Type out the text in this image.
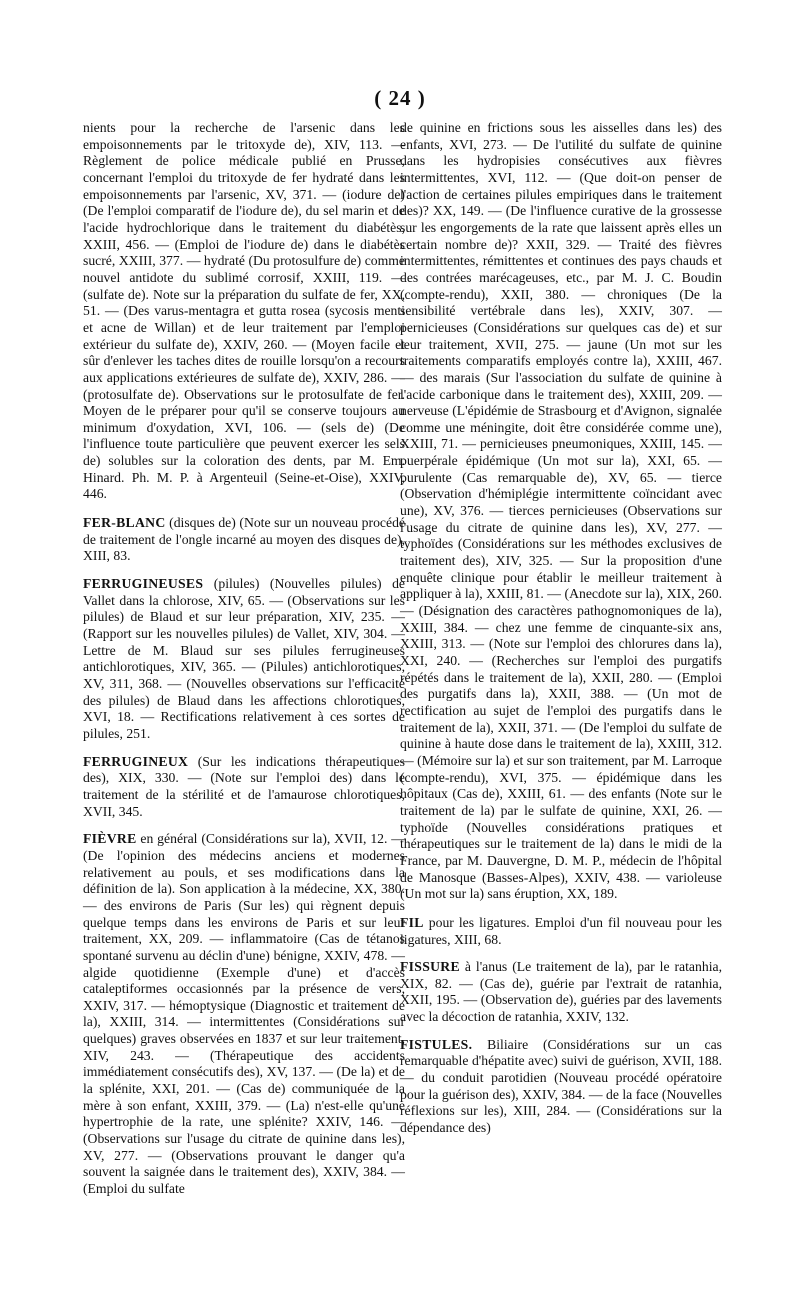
( 24 )

nients pour la recherche de l'arsenic dans les empoisonnements par le tritoxyde de), XIV, 113. — Règlement de police médicale publié en Prusse, concernant l'emploi du tritoxyde de fer hydraté dans les empoisonnements par l'arsenic, XV, 371. — (iodure de) (De l'emploi comparatif de l'iodure de), du sel marin et de l'acide hydrochlorique dans le traitement du diabétès, XXIII, 456. — (Emploi de l'iodure de) dans le diabétès sucré, XXIII, 377. — hydraté (Du protosulfure de) comme nouvel antidote du sublimé corrosif, XXIII, 119. — (sulfate de). Note sur la préparation du sulfate de fer, XX, 51. — (Des varus-mentagra et gutta rosea (sycosis menti et acne de Willan) et de leur traitement par l'emploi extérieur du sulfate de), XXIV, 260. — (Moyen facile et sûr d'enlever les taches dites de rouille lorsqu'on a recours aux applications extérieures de sulfate de), XXIV, 286. — (protosulfate de). Observations sur le protosulfate de fer. Moyen de le préparer pour qu'il se conserve toujours au minimum d'oxydation, XVI, 106. — (sels de) (De l'influence toute particulière que peuvent exercer les sels de) solubles sur la coloration des dents, par M. Em. Hinard. Ph. M. P. à Argenteuil (Seine-et-Oise), XXIV, 446.

FER-BLANC (disques de) (Note sur un nouveau procédé de traitement de l'ongle incarné au moyen des disques de), XIII, 83.

FERRUGINEUSES (pilules) (Nouvelles pilules) de Vallet dans la chlorose, XIV, 65. — (Observations sur les pilules) de Blaud et sur leur préparation, XIV, 235. — (Rapport sur les nouvelles pilules) de Vallet, XIV, 304. — Lettre de M. Blaud sur ses pilules ferrugineuses antichlorotiques, XIV, 365. — (Pilules) antichlorotiques, XV, 311, 368. — (Nouvelles observations sur l'efficacité des pilules) de Blaud dans les affections chlorotiques, XVI, 18. — Rectifications relativement à ces sortes de pilules, 251.

FERRUGINEUX (Sur les indications thérapeutiques des), XIX, 330. — (Note sur l'emploi des) dans le traitement de la stérilité et de l'amaurose chlorotiques, XVII, 345.

FIÈVRE en général (Considérations sur la), XVII, 12. — (De l'opinion des médecins anciens et modernes relativement au pouls, et ses modifications dans la définition de la). Son application à la médecine, XX, 380. — des environs de Paris (Sur les) qui règnent depuis quelque temps dans les environs de Paris et sur leur traitement, XX, 209. — inflammatoire (Cas de tétanos spontané survenu au déclin d'une) bénigne, XXIV, 478. — algide quotidienne (Exemple d'une) et d'accès cataleptiformes occasionnés par la présence de vers, XXIV, 317. — hémoptysique (Diagnostic et traitement de la), XXIII, 314. — intermittentes (Considérations sur quelques) graves observées en 1837 et sur leur traitement, XIV, 243. — (Thérapeutique des accidents immédiatement consécutifs des), XV, 137. — (De la) et de la splénite, XXI, 201. — (Cas de) communiquée de la mère à son enfant, XXIII, 379. — (La) n'est-elle qu'une hypertrophie de la rate, une splénite? XXIV, 146. — (Observations sur l'usage du citrate de quinine dans les), XV, 277. — (Observations prouvant le danger qu'a souvent la saignée dans le traitement des), XXIV, 384. — (Emploi du sulfate

de quinine en frictions sous les aisselles dans les) des enfants, XVI, 273. — De l'utilité du sulfate de quinine dans les hydropisies consécutives aux fièvres intermittentes, XVI, 112. — (Que doit-on penser de l'action de certaines pilules empiriques dans le traitement des)? XX, 149. — (De l'influence curative de la grossesse sur les engorgements de la rate que laissent après elles un certain nombre de)? XXII, 329. — Traité des fièvres intermittentes, rémittentes et continues des pays chauds et des contrées marécageuses, etc., par M. J. C. Boudin (compte-rendu), XXII, 380. — chroniques (De la sensibilité vertébrale dans les), XXIV, 307. — pernicieuses (Considérations sur quelques cas de) et sur leur traitement, XVII, 275. — jaune (Un mot sur les traitements comparatifs employés contre la), XXIII, 467. — des marais (Sur l'association du sulfate de quinine à l'acide carbonique dans le traitement des), XXIII, 209. — nerveuse (L'épidémie de Strasbourg et d'Avignon, signalée comme une méningite, doit être considérée comme une), XXIII, 71. — pernicieuses pneumoniques, XXIII, 145. — puerpérale épidémique (Un mot sur la), XXI, 65. — purulente (Cas remarquable de), XV, 65. — tierce (Observation d'hémiplégie intermittente coïncidant avec une), XV, 376. — tierces pernicieuses (Observations sur l'usage du citrate de quinine dans les), XV, 277. — typhoïdes (Considérations sur les méthodes exclusives de traitement des), XIV, 325. — Sur la proposition d'une enquête clinique pour établir le meilleur traitement à appliquer à la), XXIII, 81. — (Anecdote sur la), XIX, 260. — (Désignation des caractères pathognomoniques de la), XXIII, 384. — chez une femme de cinquante-six ans, XXIII, 313. — (Note sur l'emploi des chlorures dans la), XXI, 240. — (Recherches sur l'emploi des purgatifs répétés dans le traitement de la), XXII, 280. — (Emploi des purgatifs dans la), XXII, 388. — (Un mot de rectification au sujet de l'emploi des purgatifs dans le traitement de la), XXII, 371. — (De l'emploi du sulfate de quinine à haute dose dans le traitement de la), XXIII, 312. — (Mémoire sur la) et sur son traitement, par M. Larroque (compte-rendu), XVI, 375. — épidémique dans les hôpitaux (Cas de), XXIII, 61. — des enfants (Note sur le traitement de la) par le sulfate de quinine, XXI, 26. — typhoïde (Nouvelles considérations pratiques et thérapeutiques sur le traitement de la) dans le midi de la France, par M. Dauvergne, D. M. P., médecin de l'hôpital de Manosque (Basses-Alpes), XXIV, 438. — varioleuse (Un mot sur la) sans éruption, XX, 189.

FIL pour les ligatures. Emploi d'un fil nouveau pour les ligatures, XIII, 68.

FISSURE à l'anus (Le traitement de la), par le ratanhia, XIX, 82. — (Cas de), guérie par l'extrait de ratanhia, XXII, 195. — (Observation de), guéries par des lavements avec la décoction de ratanhia, XXIV, 132.

FISTULES. Biliaire (Considérations sur un cas remarquable d'hépatite avec) suivi de guérison, XVII, 188. — du conduit parotidien (Nouveau procédé opératoire pour la guérison des), XXIV, 384. — de la face (Nouvelles réflexions sur les), XIII, 284. — (Considérations sur la dépendance des)
